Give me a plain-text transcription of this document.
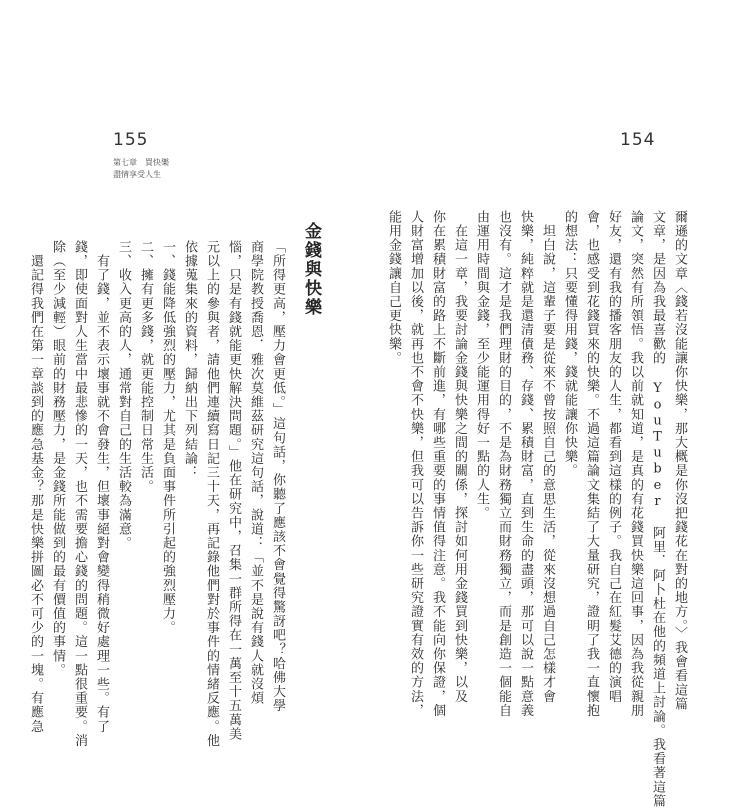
155	154
第七章 買快樂
盡情享受人生
爾遜的文章〈錢若沒能讓你快樂，那大概是你沒把錢花在對的地方。〉我會看這篇
文章，是因為我最喜歡的 YouTuber 阿里．阿卜杜在他的頻道上討論。我看著這篇
論文，突然有所領悟。我以前就知道，是真的有花錢買快樂這回事，因為我從親朋
好友，還有我的播客朋友的人生，都看到這樣的例子。我自己在紅髮艾德的演唱
會，也感受到花錢買來的快樂。不過這篇論文集結了大量研究，證明了我一直懷抱
的想法：只要懂得用錢，錢就能讓你快樂。
　坦白說，這輩子要是從來不曾按照自己的意思生活，從來沒想過自己怎樣才會
快樂，純粹就是還清債務、存錢、累積財富，直到生命的盡頭，那可以說一點意義
也沒有。這才是我們理財的目的，不是為財務獨立而財務獨立，而是創造一個能自
由運用時間與金錢，至少能運用得好一點的人生。
　在這一章，我要討論金錢與快樂之間的關係，探討如何用金錢買到快樂，以及
你在累積財富的路上不斷前進，有哪些重要的事情值得注意。我不能向你保證，個
人財富增加以後，就再也不會不快樂，但我可以告訴你一些研究證實有效的方法，
能用金錢讓自己更快樂。
金錢與快樂
「所得更高，壓力會更低。」這句話，你聽了應該不會覺得驚訝吧？哈佛大學
商學院教授喬恩．雅次莫維茲研究這句話，說道：「並不是說有錢人就沒煩
惱，只是有錢就能更快解決問題。」他在研究中，召集一群所得在一萬至十五萬美
元以上的參與者，請他們連續寫日記三十天，再記錄他們對於事件的情緒反應。他
依據蒐集來的資料，歸納出下列結論：
一、錢能降低強烈的壓力，尤其是負面事件所引起的強烈壓力。
二、擁有更多錢，就更能控制日常生活。
三、收入更高的人，通常對自己的生活較為滿意。
　有了錢，並不表示壞事就不會發生，但壞事絕對會變得稍微好處理一些。有了
錢，即使面對人生當中最悲慘的一天，也不需要擔心錢的問題。這一點很重要。消
除（至少減輕）眼前的財務壓力，是金錢所能做到的最有價值的事情。
　還記得我們在第一章談到的應急基金？那是快樂拼圖必不可少的一塊。有應急
